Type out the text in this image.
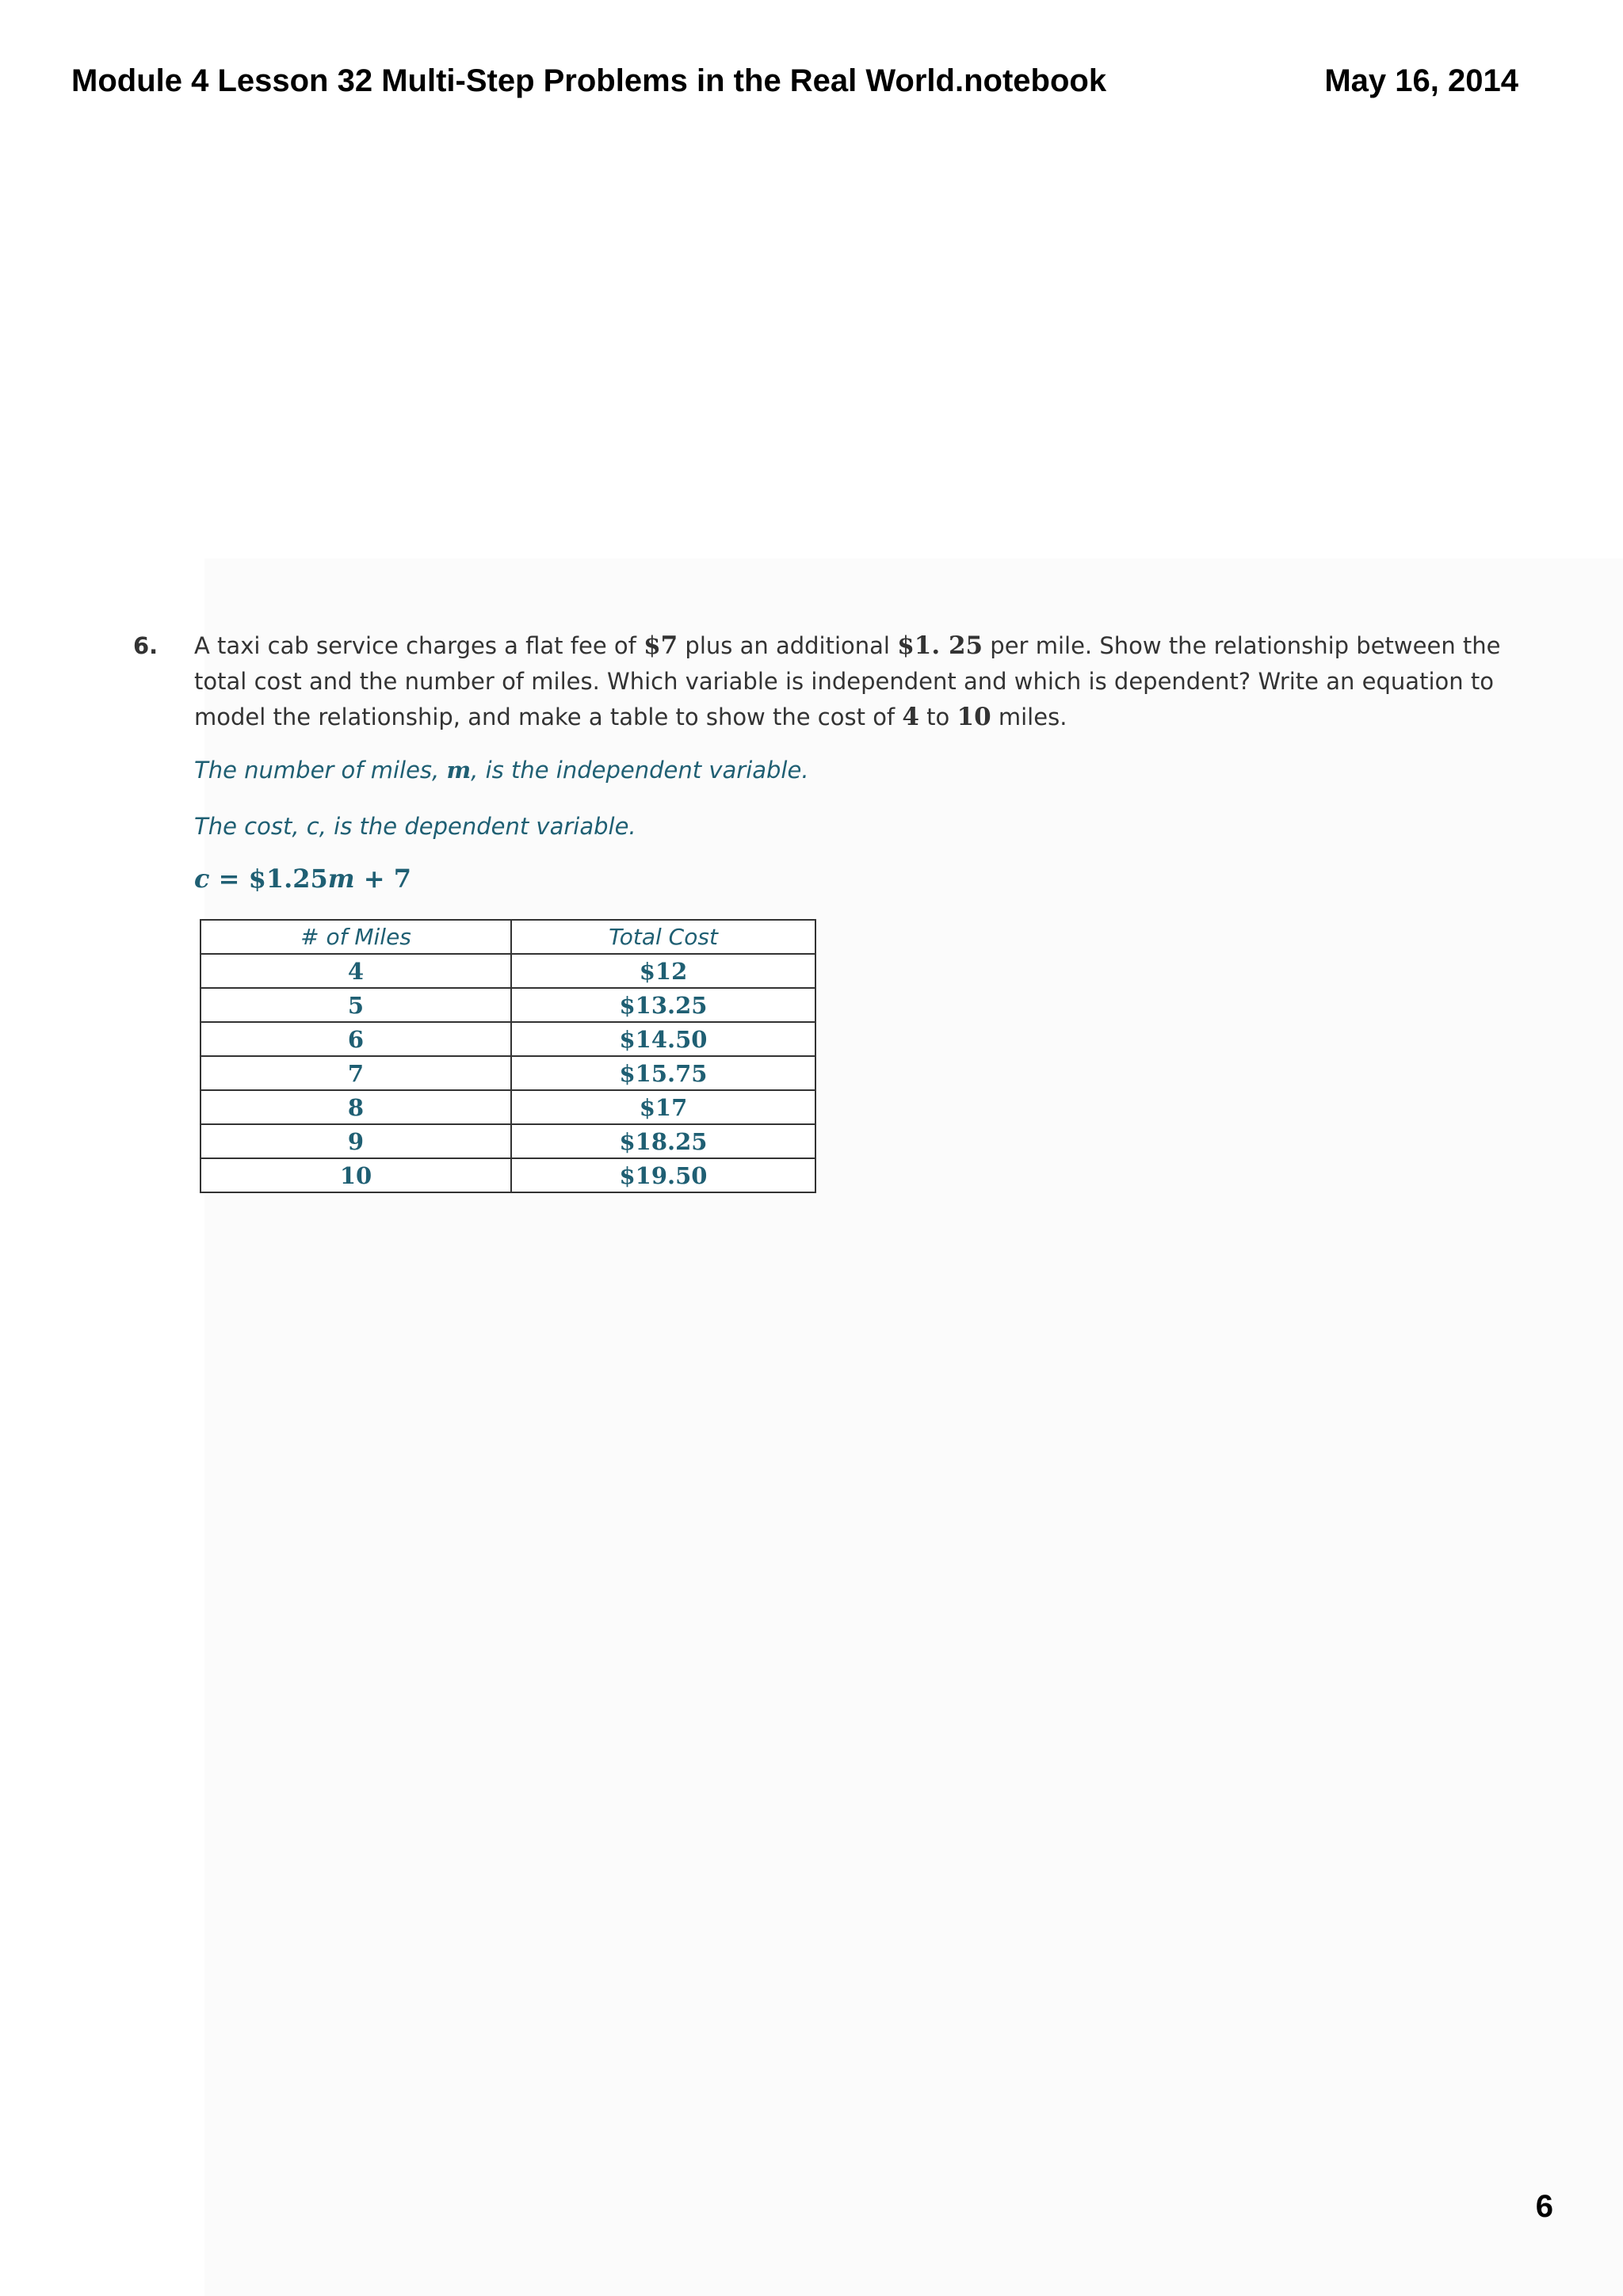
Module 4 Lesson 32 Multi-Step Problems in the Real World.notebook	May 16, 2014
6. A taxi cab service charges a flat fee of $7 plus an additional $1. 25 per mile. Show the relationship between the
total cost and the number of miles. Which variable is independent and which is dependent? Write an equation to
model the relationship, and make a table to show the cost of 4 to 10 miles.
The number of miles, m, is the independent variable.
The cost, c, is the dependent variable.
c = $1.25m + 7
# of Miles	Total Cost
4	$12
5	$13.25
6	$14.50
7	$15.75
8	$17
9	$18.25
10	$19.50
6
